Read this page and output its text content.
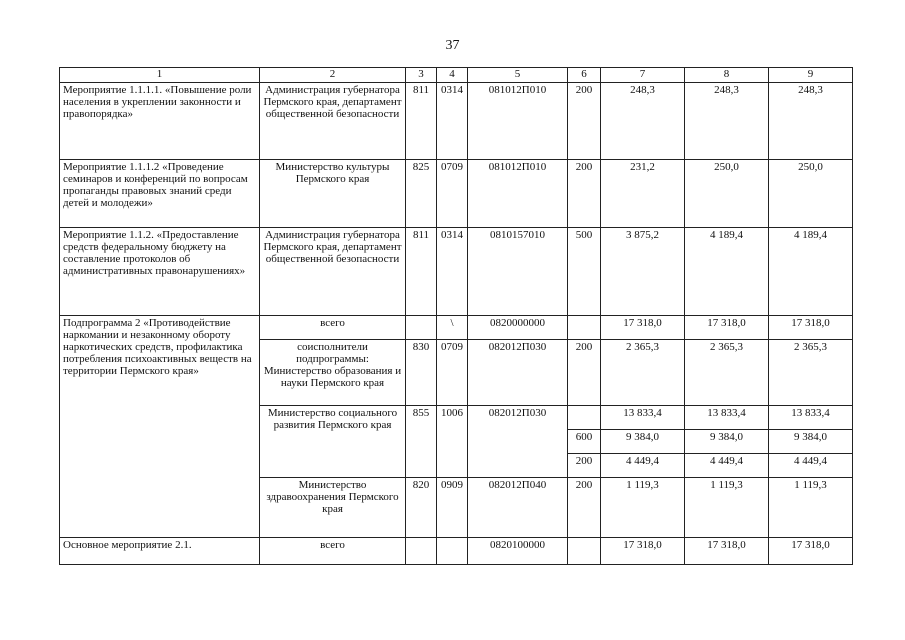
37
1	2	3	4	5	6	7	8	9
Мероприятие 1.1.1.1. «Повышение роли населения в укреплении законности и правопорядка»	Администрация губернатора Пермского края, департамент общественной безопасности	811	0314	081012П010	200	248,3	248,3	248,3
Мероприятие 1.1.1.2 «Проведение семинаров и конференций по вопросам пропаганды правовых знаний среди детей и молодежи»	Министерство культуры Пермского края	825	0709	081012П010	200	231,2	250,0	250,0
Мероприятие 1.1.2. «Предоставление средств федеральному бюджету на составление протоколов об административных правонарушениях»	Администрация губернатора Пермского края, департамент общественной безопасности	811	0314	0810157010	500	3 875,2	4 189,4	4 189,4
Подпрограмма 2 «Противодействие наркомании и незаконному обороту наркотических средств, профилактика потребления психоактивных веществ на территории Пермского края»	всего		\	0820000000		17 318,0	17 318,0	17 318,0
	соисполнители подпрограммы: Министерство образования и науки Пермского края	830	0709	082012П030	200	2 365,3	2 365,3	2 365,3
	Министерство социального развития Пермского края	855	1006	082012П030		13 833,4	13 833,4	13 833,4
					600	9 384,0	9 384,0	9 384,0
					200	4 449,4	4 449,4	4 449,4
	Министерство здравоохранения Пермского края	820	0909	082012П040	200	1 119,3	1 119,3	1 119,3
Основное мероприятие 2.1.	всего			0820100000		17 318,0	17 318,0	17 318,0
